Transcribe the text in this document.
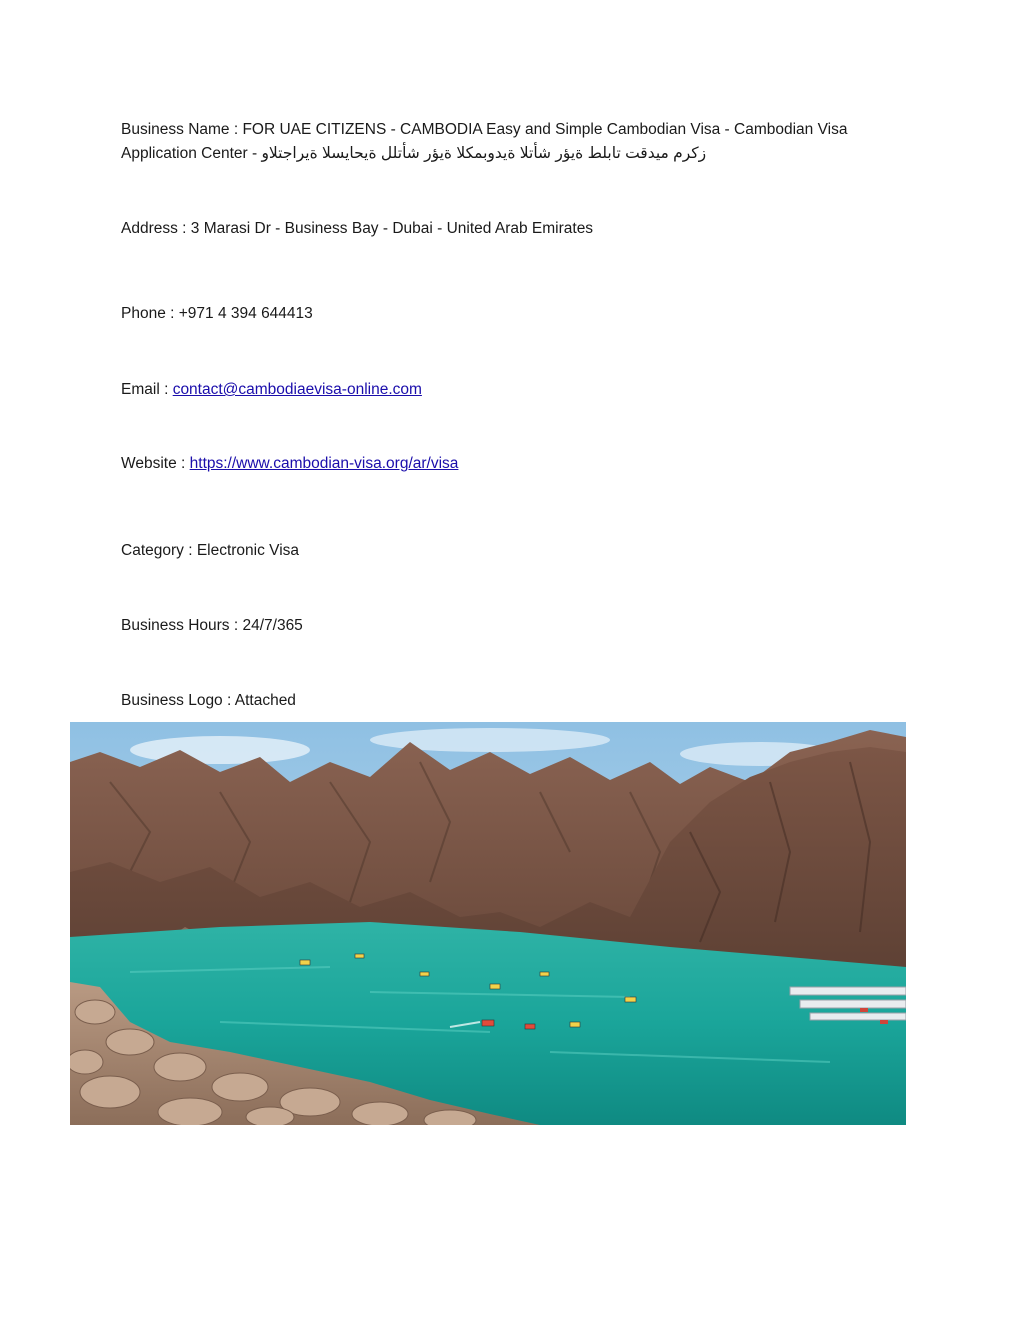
Business Name : FOR UAE CITIZENS - CAMBODIA Easy and Simple Cambodian Visa - Cambodian Visa
Application Center - زكرم ميدقت تابلط ةيؤر شأتلا ةيدوبمكلا ةيؤر شأتلل ةيحايسلا ةيراجتلاو
Address : 3 Marasi Dr - Business Bay - Dubai - United Arab Emirates
Phone : +971 4 394 644413
Email : contact@cambodiaevisa-online.com
Website : https://www.cambodian-visa.org/ar/visa
Category : Electronic Visa
Business Hours : 24/7/365
Business Logo : Attached
